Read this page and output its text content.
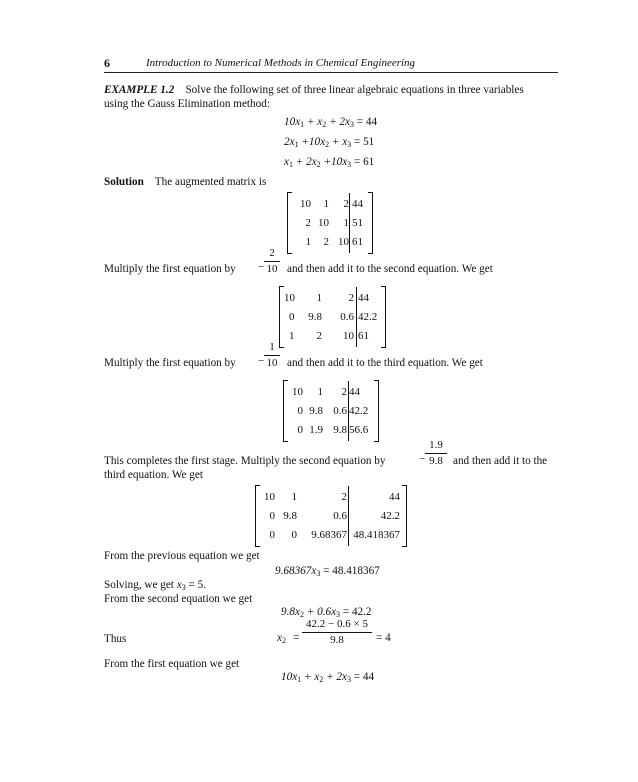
6	Introduction to Numerical Methods in Chemical Engineering
EXAMPLE 1.2 Solve the following set of three linear algebraic equations in three variables
using the Gauss Elimination method:
$10x_1 + x_2 + 2x_3 = 44$
$2x_1 +10x_2 + x_3 = 51$
$x_1 + 2x_2 +10x_3 = 61$
Solution The augmented matrix is
10	1	2	44
2	10	1	51
1	2	10	61
Multiply the first equation by −
2
10 and then add it to the second equation. We get
10	1	2	44
0	9.8	0.6	42.2
1	2	10	61
Multiply the first equation by −
1
10 and then add it to the third equation. We get
10	1	2	44
0	9.8	0.6	42.2
0	1.9	9.8	56.6
This completes the first stage. Multiply the second equation by	−
1.9
9.8 and then add it to the
third equation. We get
10	1	2	44
0	9.8	0.6	42.2
0	0	9.68367	48.418367
From the previous equation we get
$9.68367x_3 = 48.418367$
Solving, we get $x_3 = 5$.
From the second equation we get
$9.8x_2 + 0.6x_3 = 42.2$
Thus	$x_2$ =
42.2 − 0.6 × 5
9.8	= 4
From the first equation we get
$10x_1 + x_2 + 2x_3 = 44$
